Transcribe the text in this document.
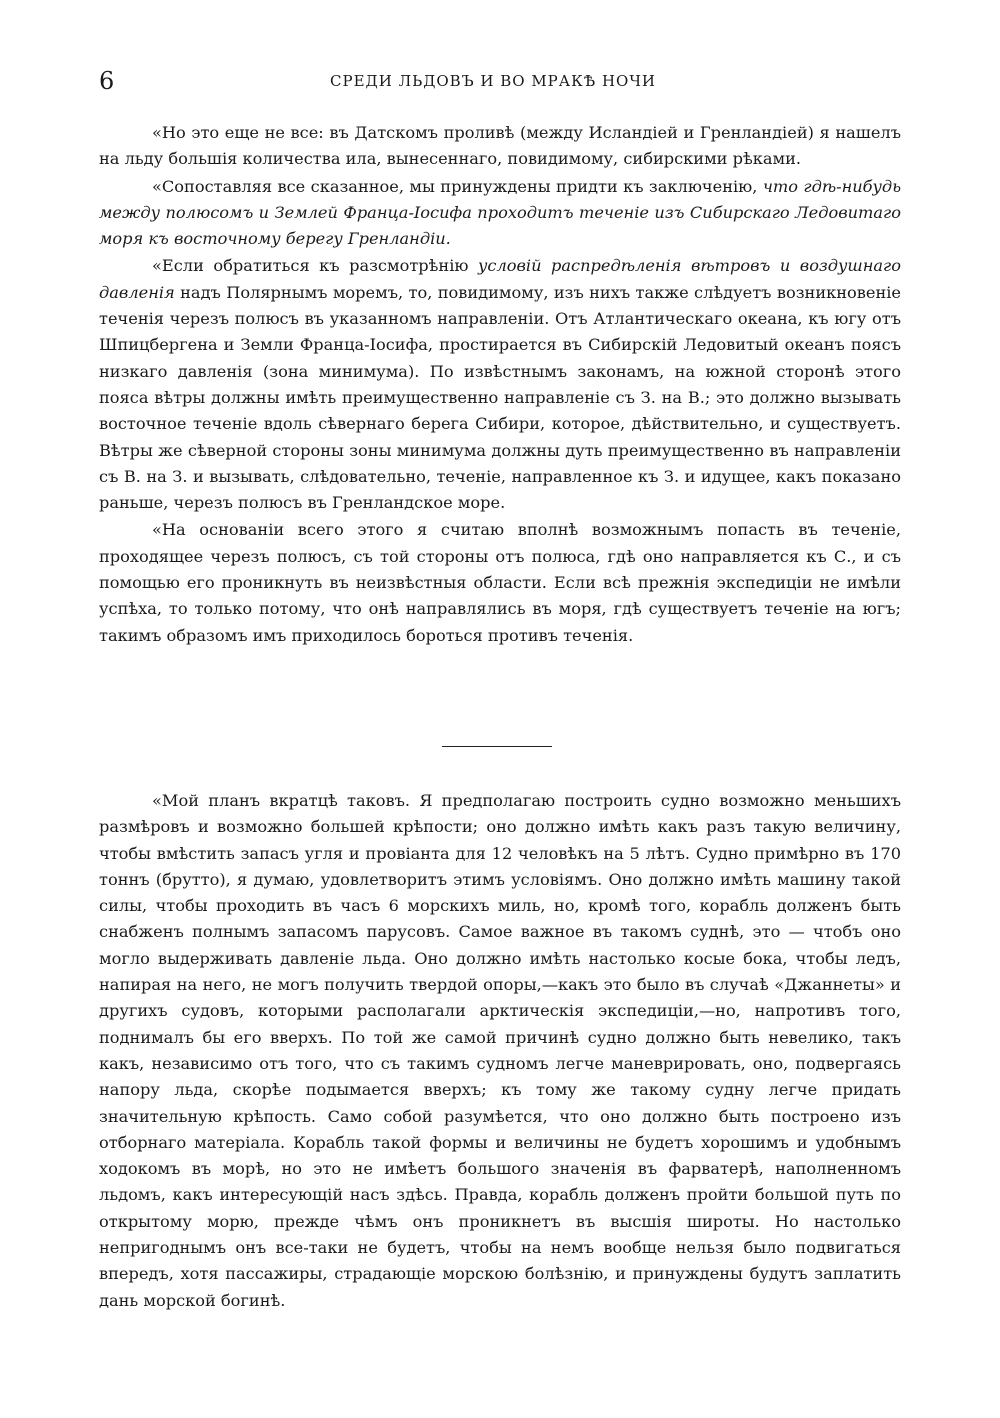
6	СРЕДИ ЛЬДОВЪ И ВО МРАКѢ НОЧИ

«Но это еще не все: въ Датскомъ проливѣ (между Исландіей и Гренландіей) я нашелъ на льду большія количества ила, вынесеннаго, повидимому, сибирскими рѣками.

«Сопоставляя все сказанное, мы принуждены придти къ заключенію, что гдѣ-нибудь между полюсомъ и Землей Франца-Іосифа проходитъ теченіе изъ Сибирскаго Ледовитаго моря къ восточному берегу Гренландіи.

«Если обратиться къ разсмотрѣнію условій распредѣленія вѣтровъ и воздушнаго давленія надъ Полярнымъ моремъ, то, повидимому, изъ нихъ также слѣдуетъ возникновеніе теченія черезъ полюсъ въ указанномъ направленіи. Отъ Атлантическаго океана, къ югу отъ Шпицбергена и Земли Франца-Іосифа, простирается въ Сибирскій Ледовитый океанъ поясъ низкаго давленія (зона минимума). По извѣстнымъ законамъ, на южной сторонѣ этого пояса вѣтры должны имѣть преимущественно направленіе съ З. на В.; это должно вызывать восточное теченіе вдоль сѣвернаго берега Сибири, которое, дѣйствительно, и существуетъ. Вѣтры же сѣверной стороны зоны минимума должны дуть преимущественно въ направленіи съ В. на З. и вызывать, слѣдовательно, теченіе, направленное къ З. и идущее, какъ показано раньше, черезъ полюсъ въ Гренландское море.

«На основаніи всего этого я считаю вполнѣ возможнымъ попасть въ теченіе, проходящее черезъ полюсъ, съ той стороны отъ полюса, гдѣ оно направляется къ С., и съ помощью его проникнуть въ неизвѣстныя области. Если всѣ прежнія экспедиціи не имѣли успѣха, то только потому, что онѣ направлялись въ моря, гдѣ существуетъ теченіе на югъ; такимъ образомъ имъ приходилось бороться противъ теченія.

«Мой планъ вкратцѣ таковъ. Я предполагаю построить судно возможно меньшихъ размѣровъ и возможно большей крѣпости; оно должно имѣть какъ разъ такую величину, чтобы вмѣстить запасъ угля и провіанта для 12 человѣкъ на 5 лѣтъ. Судно примѣрно въ 170 тоннъ (брутто), я думаю, удовлетворитъ этимъ условіямъ. Оно должно имѣть машину такой силы, чтобы проходить въ часъ 6 морскихъ миль, но, кромѣ того, корабль долженъ быть снабженъ полнымъ запасомъ парусовъ. Самое важное въ такомъ суднѣ, это — чтобъ оно могло выдерживать давленіе льда. Оно должно имѣть настолько косые бока, чтобы ледъ, напирая на него, не могъ получить твердой опоры,—какъ это было въ случаѣ «Джаннеты» и другихъ судовъ, которыми располагали арктическія экспедиціи,—но, напротивъ того, поднималъ бы его вверхъ. По той же самой причинѣ судно должно быть невелико, такъ какъ, независимо отъ того, что съ такимъ судномъ легче маневрировать, оно, подвергаясь напору льда, скорѣе подымается вверхъ; къ тому же такому судну легче придать значительную крѣпость. Само собой разумѣется, что оно должно быть построено изъ отборнаго матеріала. Корабль такой формы и величины не будетъ хорошимъ и удобнымъ ходокомъ въ морѣ, но это не имѣетъ большого значенія въ фарватерѣ, наполненномъ льдомъ, какъ интересующій насъ здѣсь. Правда, корабль долженъ пройти большой путь по открытому морю, прежде чѣмъ онъ проникнетъ въ высшія широты. Но настолько непригоднымъ онъ все-таки не будетъ, чтобы на немъ вообще нельзя было подвигаться впередъ, хотя пассажиры, страдающіе морскою болѣзнію, и принуждены будутъ заплатить дань морской богинѣ.
